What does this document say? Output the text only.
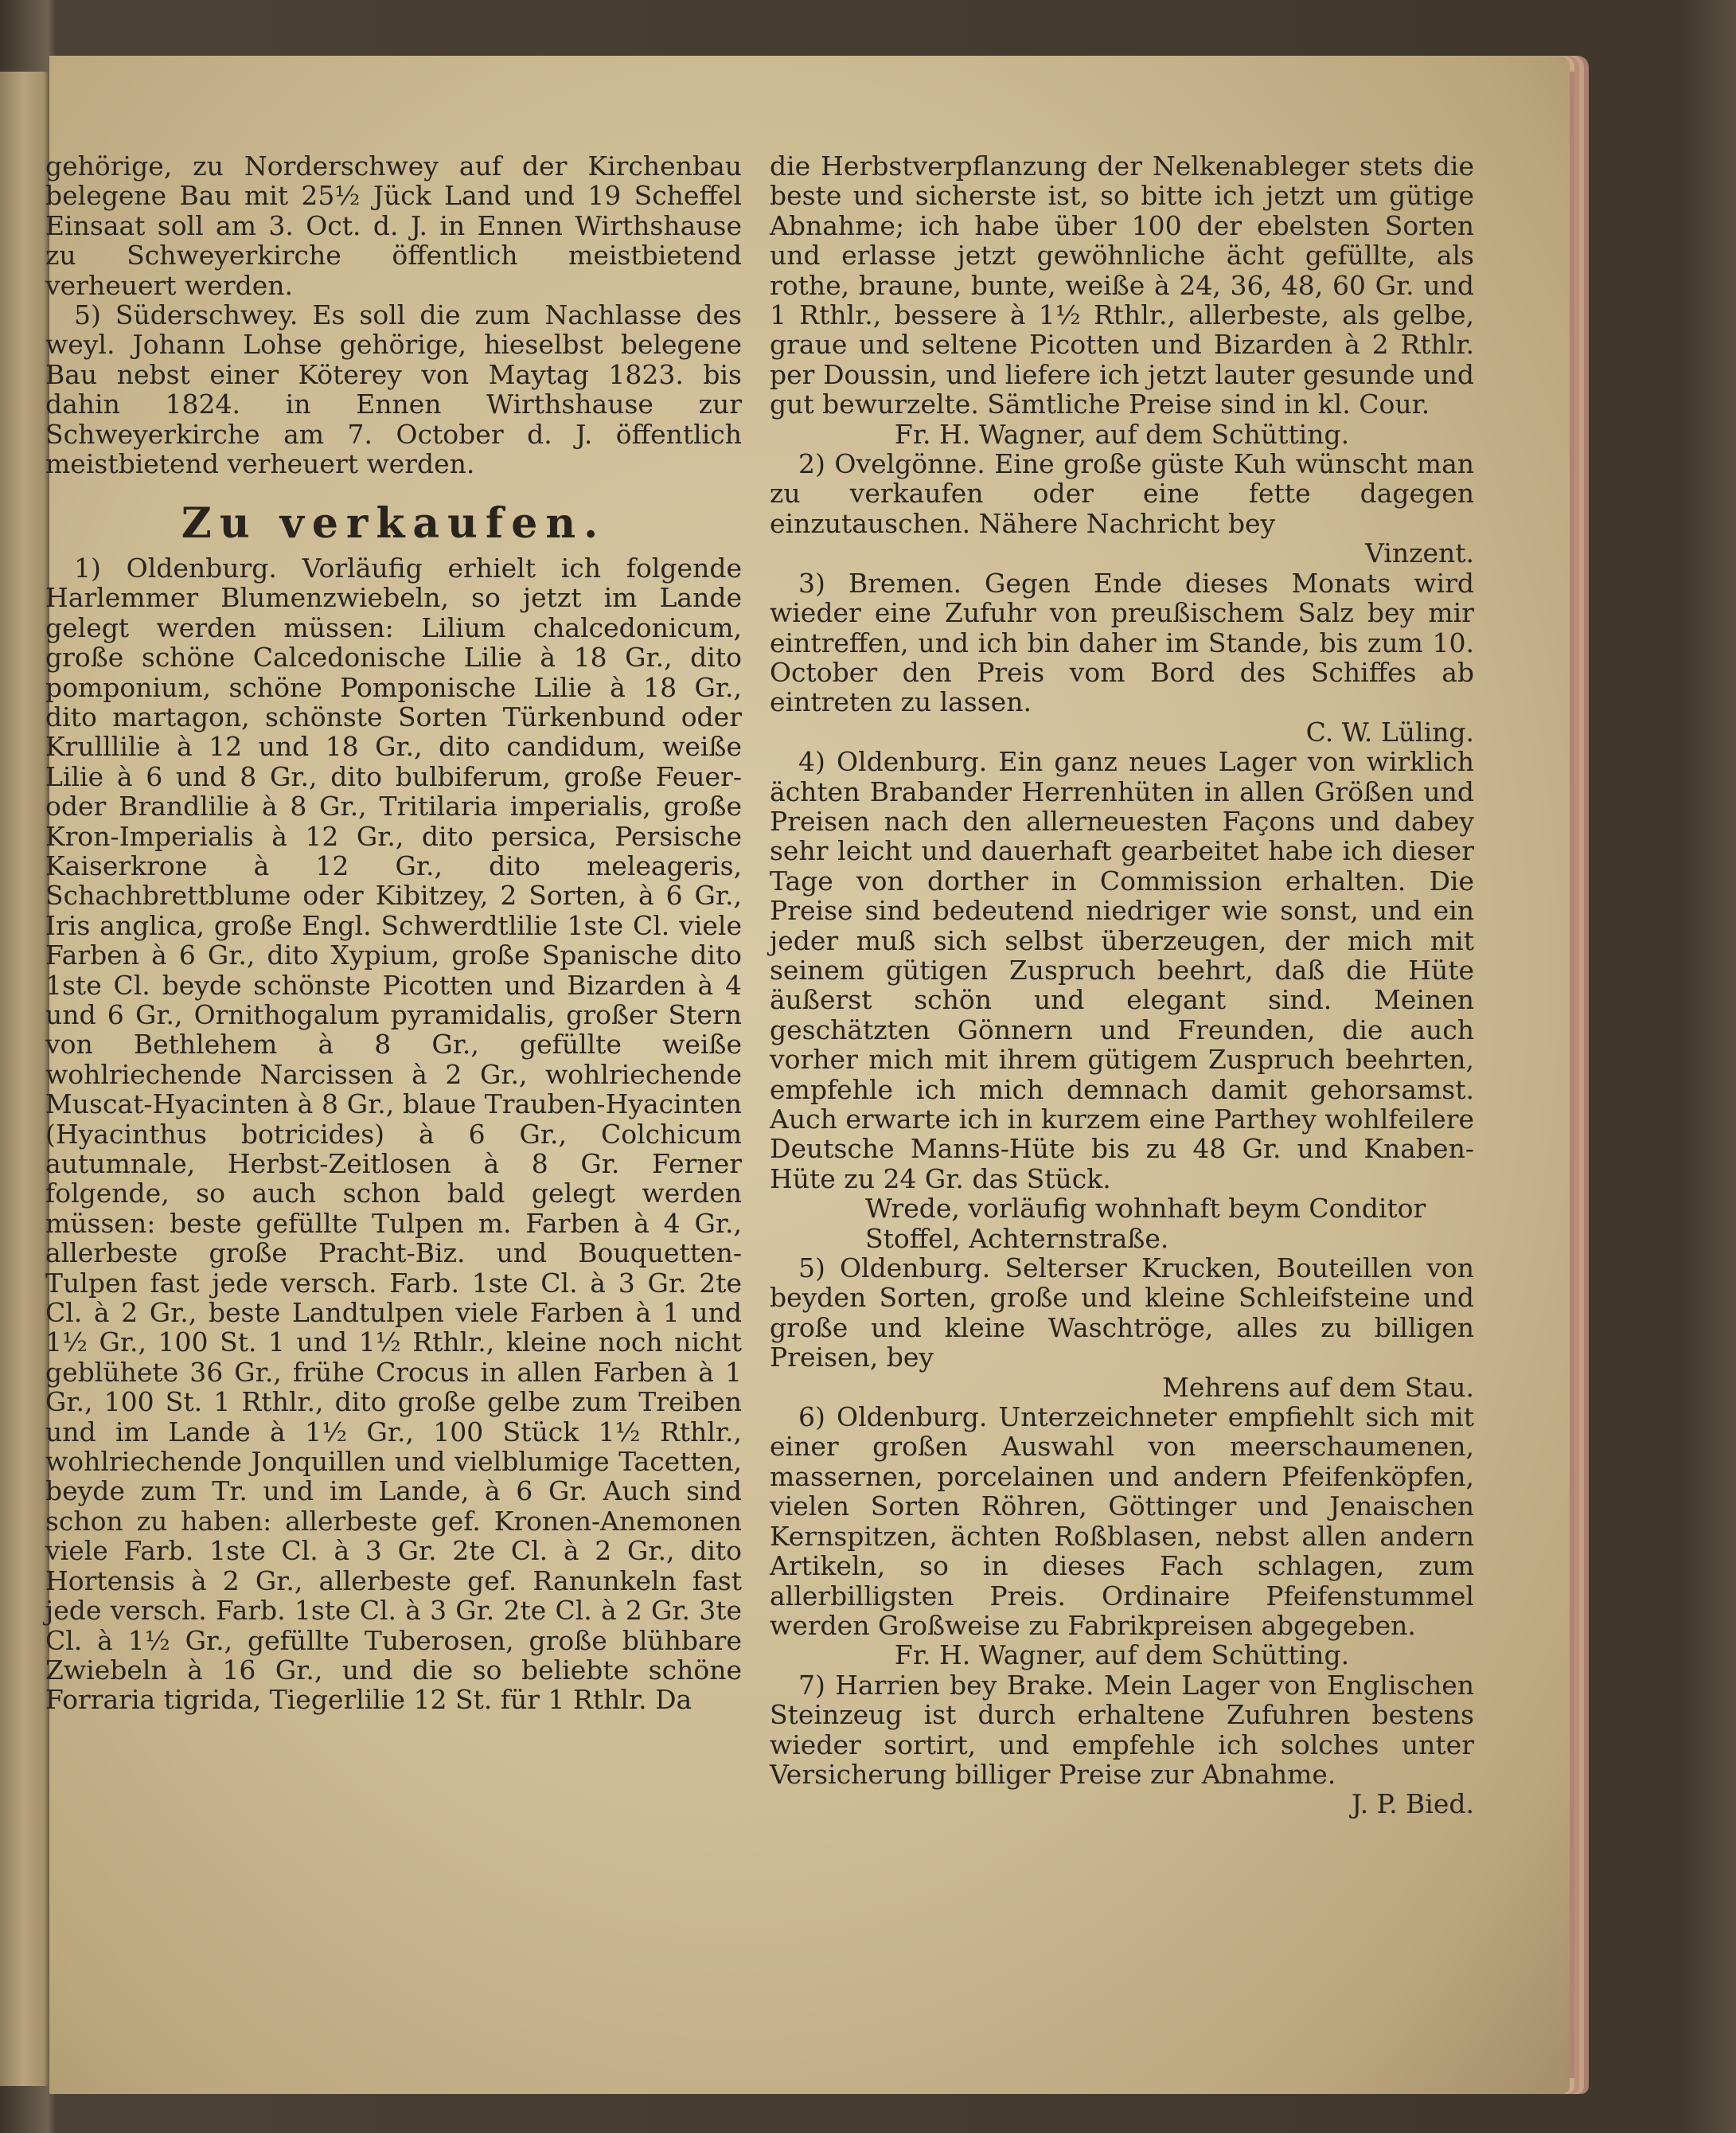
gehörige, zu Norderschwey auf der Kirchenbau belegene Bau mit 25½ Jück Land und 19 Scheffel Einsaat soll am 3. Oct. d. J. in Ennen Wirthshause zu Schweyerkirche öffentlich meistbietend verheuert werden.

5) Süderschwey. Es soll die zum Nachlasse des weyl. Johann Lohse gehörige, hieselbst belegene Bau nebst einer Köterey von Maytag 1823. bis dahin 1824. in Ennen Wirthshause zur Schweyerkirche am 7. October d. J. öffentlich meistbietend verheuert werden.

Zu verkaufen.

1) Oldenburg. Vorläufig erhielt ich folgende Harlemmer Blumenzwiebeln, so jetzt im Lande gelegt werden müssen: Lilium chalcedonicum, große schöne Calcedonische Lilie à 18 Gr., dito pomponium, schöne Pomponische Lilie à 18 Gr., dito martagon, schönste Sorten Türkenbund oder Krulllilie à 12 und 18 Gr., dito candidum, weiße Lilie à 6 und 8 Gr., dito bulbiferum, große Feuer- oder Brandlilie à 8 Gr., Tritilaria imperialis, große Kron-Imperialis à 12 Gr., dito persica, Persische Kaiserkrone à 12 Gr., dito meleageris, Schachbrettblume oder Kibitzey, 2 Sorten, à 6 Gr., Iris anglica, große Engl. Schwerdtlilie 1ste Cl. viele Farben à 6 Gr., dito Xypium, große Spanische dito 1ste Cl. beyde schönste Picotten und Bizarden à 4 und 6 Gr., Ornithogalum pyramidalis, großer Stern von Bethlehem à 8 Gr., gefüllte weiße wohlriechende Narcissen à 2 Gr., wohlriechende Muscat-Hyacinten à 8 Gr., blaue Trauben-Hyacinten (Hyacinthus botricides) à 6 Gr., Colchicum autumnale, Herbst-Zeitlosen à 8 Gr. Ferner folgende, so auch schon bald gelegt werden müssen: beste gefüllte Tulpen m. Farben à 4 Gr., allerbeste große Pracht-Biz. und Bouquetten-Tulpen fast jede versch. Farb. 1ste Cl. à 3 Gr. 2te Cl. à 2 Gr., beste Landtulpen viele Farben à 1 und 1½ Gr., 100 St. 1 und 1½ Rthlr., kleine noch nicht geblühete 36 Gr., frühe Crocus in allen Farben à 1 Gr., 100 St. 1 Rthlr., dito große gelbe zum Treiben und im Lande à 1½ Gr., 100 Stück 1½ Rthlr., wohlriechende Jonquillen und vielblumige Tacetten, beyde zum Tr. und im Lande, à 6 Gr. Auch sind schon zu haben: allerbeste gef. Kronen-Anemonen viele Farb. 1ste Cl. à 3 Gr. 2te Cl. à 2 Gr., dito Hortensis à 2 Gr., allerbeste gef. Ranunkeln fast jede versch. Farb. 1ste Cl. à 3 Gr. 2te Cl. à 2 Gr. 3te Cl. à 1½ Gr., gefüllte Tuberosen, große blühbare Zwiebeln à 16 Gr., und die so beliebte schöne Forraria tigrida, Tiegerlilie 12 St. für 1 Rthlr. Da

die Herbstverpflanzung der Nelkenableger stets die beste und sicherste ist, so bitte ich jetzt um gütige Abnahme; ich habe über 100 der ebelsten Sorten und erlasse jetzt gewöhnliche ächt gefüllte, als rothe, braune, bunte, weiße à 24, 36, 48, 60 Gr. und 1 Rthlr., bessere à 1½ Rthlr., allerbeste, als gelbe, graue und seltene Picotten und Bizarden à 2 Rthlr. per Doussin, und liefere ich jetzt lauter gesunde und gut bewurzelte. Sämtliche Preise sind in kl. Cour.

Fr. H. Wagner, auf dem Schütting.

2) Ovelgönne. Eine große güste Kuh wünscht man zu verkaufen oder eine fette dagegen einzutauschen. Nähere Nachricht bey

Vinzent.

3) Bremen. Gegen Ende dieses Monats wird wieder eine Zufuhr von preußischem Salz bey mir eintreffen, und ich bin daher im Stande, bis zum 10. October den Preis vom Bord des Schiffes ab eintreten zu lassen.

C. W. Lüling.

4) Oldenburg. Ein ganz neues Lager von wirklich ächten Brabander Herrenhüten in allen Größen und Preisen nach den allerneuesten Façons und dabey sehr leicht und dauerhaft gearbeitet habe ich dieser Tage von dorther in Commission erhalten. Die Preise sind bedeutend niedriger wie sonst, und ein jeder muß sich selbst überzeugen, der mich mit seinem gütigen Zuspruch beehrt, daß die Hüte äußerst schön und elegant sind. Meinen geschätzten Gönnern und Freunden, die auch vorher mich mit ihrem gütigem Zuspruch beehrten, empfehle ich mich demnach damit gehorsamst. Auch erwarte ich in kurzem eine Parthey wohlfeilere Deutsche Manns-Hüte bis zu 48 Gr. und Knaben-Hüte zu 24 Gr. das Stück.

Wrede, vorläufig wohnhaft beym Conditor Stoffel, Achternstraße.

5) Oldenburg. Selterser Krucken, Bouteillen von beyden Sorten, große und kleine Schleifsteine und große und kleine Waschtröge, alles zu billigen Preisen, bey

Mehrens auf dem Stau.

6) Oldenburg. Unterzeichneter empfiehlt sich mit einer großen Auswahl von meerschaumenen, massernen, porcelainen und andern Pfeifenköpfen, vielen Sorten Röhren, Göttinger und Jenaischen Kernspitzen, ächten Roßblasen, nebst allen andern Artikeln, so in dieses Fach schlagen, zum allerbilligsten Preis. Ordinaire Pfeifenstummel werden Großweise zu Fabrikpreisen abgegeben.

Fr. H. Wagner, auf dem Schütting.

7) Harrien bey Brake. Mein Lager von Englischen Steinzeug ist durch erhaltene Zufuhren bestens wieder sortirt, und empfehle ich solches unter Versicherung billiger Preise zur Abnahme.

J. P. Bied.
